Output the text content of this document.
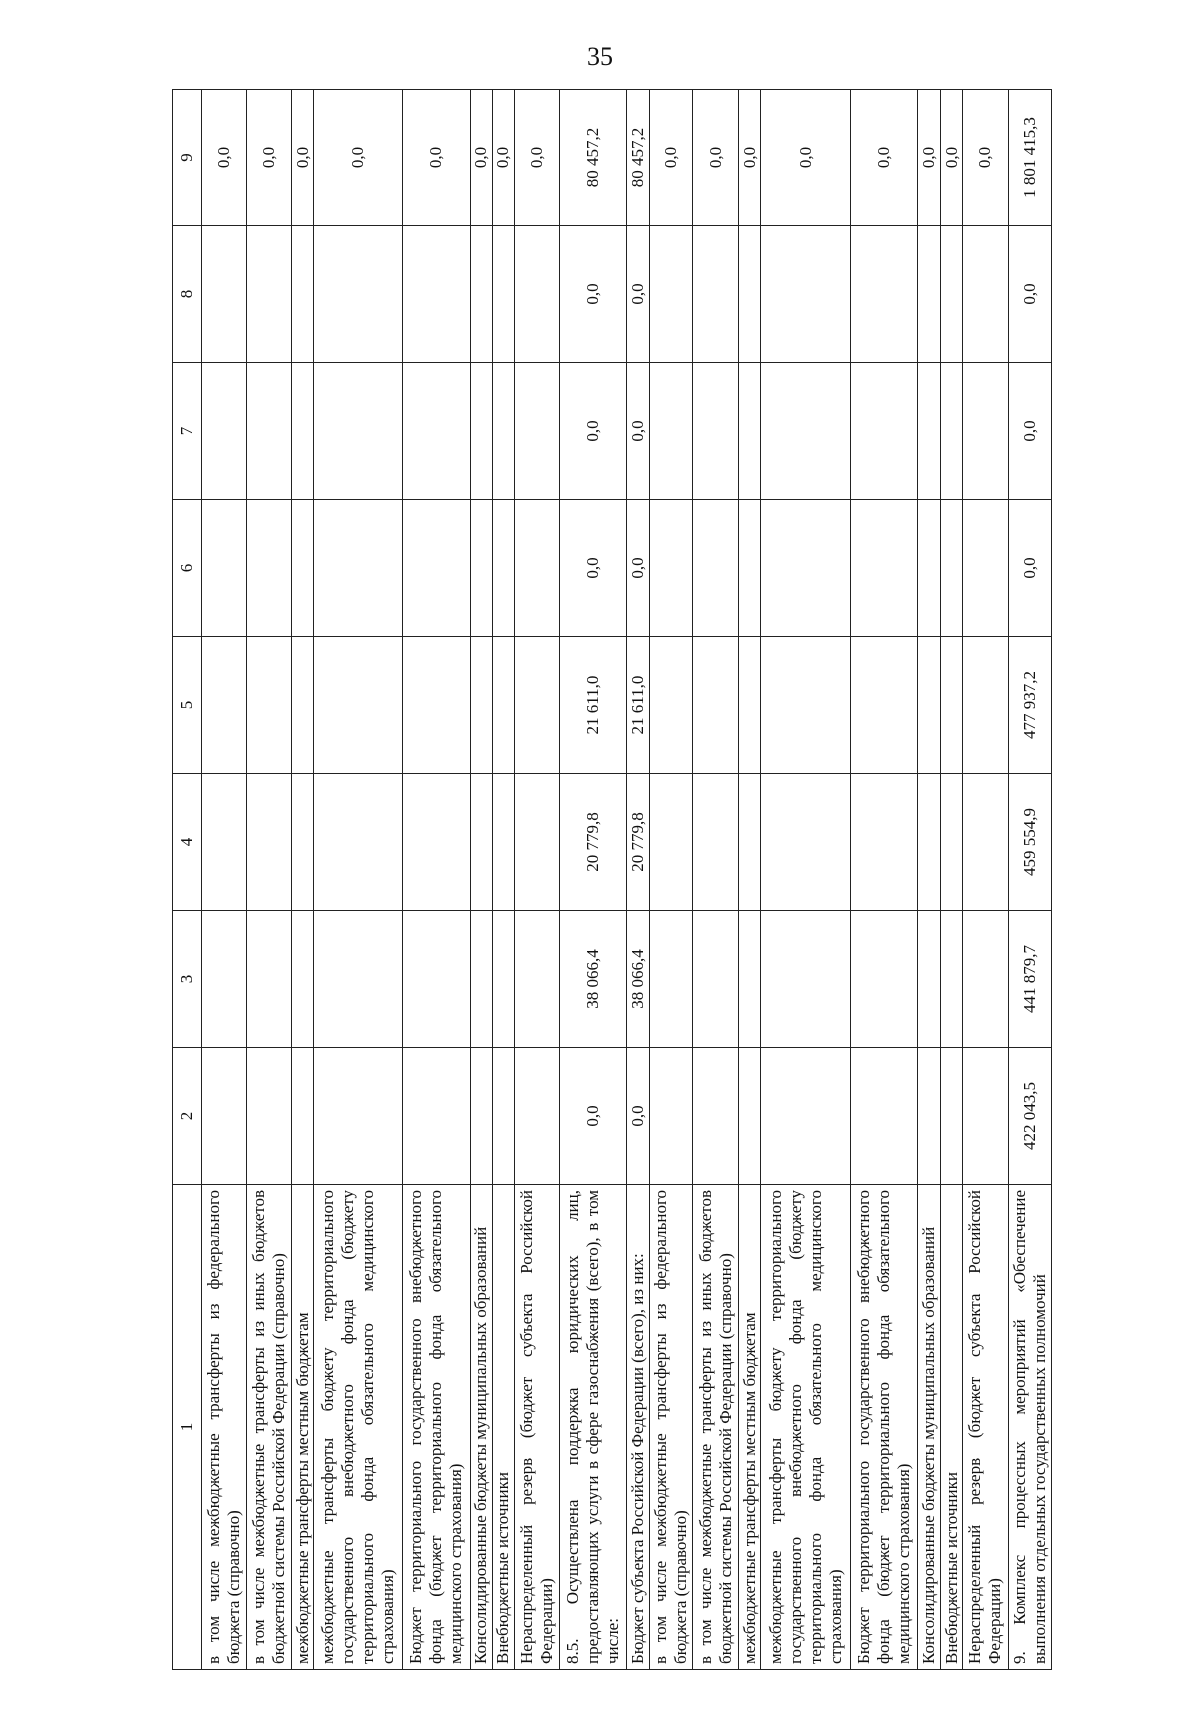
35
1	2	3	4	5	6	7	8	9
в том числе межбюджетные трансферты из федерального бюджета (справочно)								0,0
в том числе межбюджетные трансферты из иных бюджетов бюджетной системы Российской Федерации (справочно)								0,0
межбюджетные трансферты местным бюджетам								0,0
межбюджетные трансферты бюджету территориального государственного внебюджетного фонда (бюджету территориального фонда обязательного медицинского страхования)								0,0
Бюджет территориального государственного внебюджетного фонда (бюджет территориального фонда обязательного медицинского страхования)								0,0
Консолидированные бюджеты муниципальных образований								0,0
Внебюджетные источники								0,0
Нераспределенный резерв (бюджет субъекта Российской Федерации)								0,0
8.5. Осуществлена поддержка юридических лиц, предоставляющих услуги в сфере газоснабжения (всего), в том числе:	0,0	38 066,4	20 779,8	21 611,0	0,0	0,0	0,0	80 457,2
Бюджет субъекта Российской Федерации (всего), из них:	0,0	38 066,4	20 779,8	21 611,0	0,0	0,0	0,0	80 457,2
в том числе межбюджетные трансферты из федерального бюджета (справочно)								0,0
в том числе межбюджетные трансферты из иных бюджетов бюджетной системы Российской Федерации (справочно)								0,0
межбюджетные трансферты местным бюджетам								0,0
межбюджетные трансферты бюджету территориального государственного внебюджетного фонда (бюджету территориального фонда обязательного медицинского страхования)								0,0
Бюджет территориального государственного внебюджетного фонда (бюджет территориального фонда обязательного медицинского страхования)								0,0
Консолидированные бюджеты муниципальных образований								0,0
Внебюджетные источники								0,0
Нераспределенный резерв (бюджет субъекта Российской Федерации)								0,0
9. Комплекс процессных мероприятий «Обеспечение выполнения отдельных государственных полномочий	422 043,5	441 879,7	459 554,9	477 937,2	0,0	0,0	0,0	1 801 415,3
